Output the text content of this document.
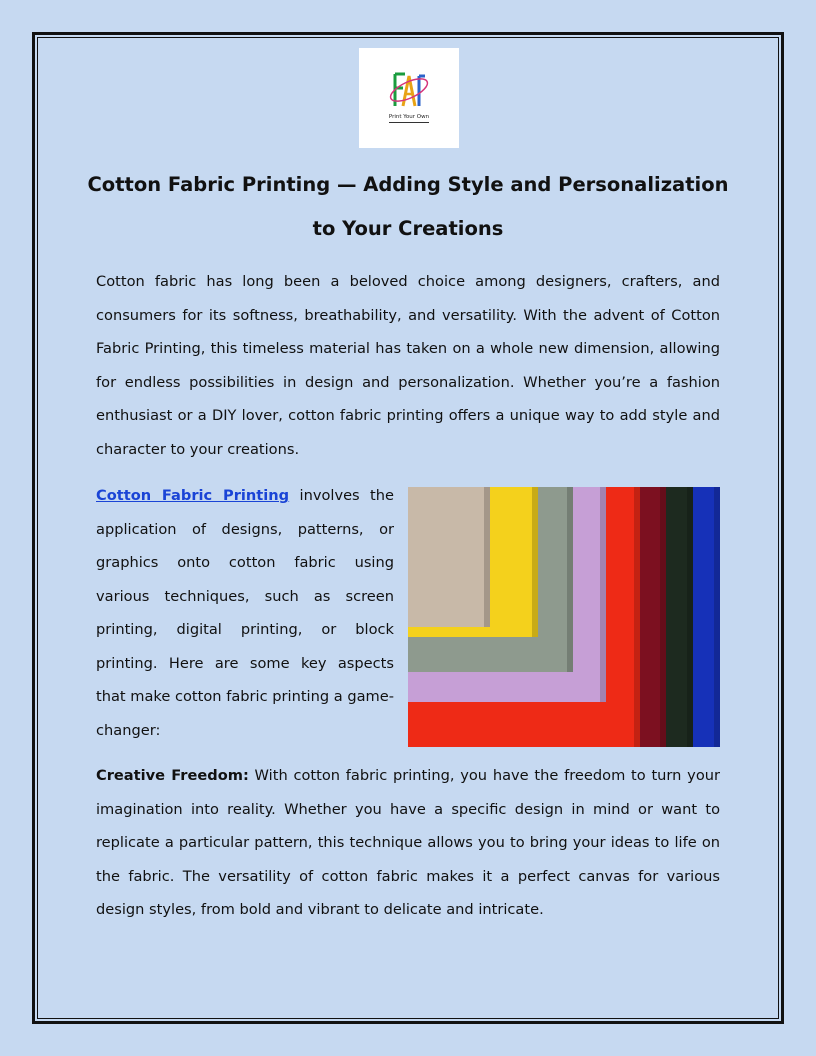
Print Your Own
Cotton Fabric Printing — Adding Style and Personalization to Your Creations

Cotton fabric has long been a beloved choice among designers, crafters, and consumers for its softness, breathability, and versatility. With the advent of Cotton Fabric Printing, this timeless material has taken on a whole new dimension, allowing for endless possibilities in design and personalization. Whether you’re a fashion enthusiast or a DIY lover, cotton fabric printing offers a unique way to add style and character to your creations.

Cotton Fabric Printing involves the application of designs, patterns, or graphics onto cotton fabric using various techniques, such as screen printing, digital printing, or block printing. Here are some key aspects that make cotton fabric printing a game-changer:

Creative Freedom: With cotton fabric printing, you have the freedom to turn your imagination into reality. Whether you have a specific design in mind or want to replicate a particular pattern, this technique allows you to bring your ideas to life on the fabric. The versatility of cotton fabric makes it a perfect canvas for various design styles, from bold and vibrant to delicate and intricate.
